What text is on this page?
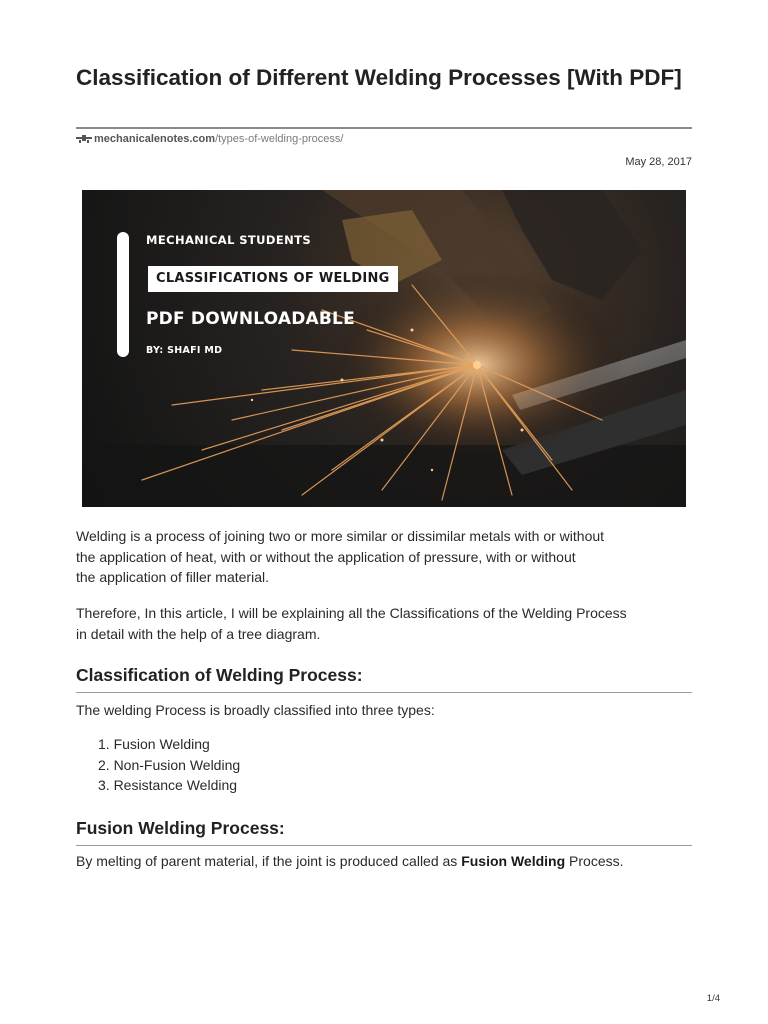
Classification of Different Welding Processes [With PDF]
mechanicalenotes.com/types-of-welding-process/
May 28, 2017
MECHANICAL STUDENTS
CLASSIFICATIONS OF WELDING
PDF DOWNLOADABLE
BY: SHAFI MD

Welding is a process of joining two or more similar or dissimilar metals with or without
the application of heat, with or without the application of pressure, with or without
the application of filler material.

Therefore, In this article, I will be explaining all the Classifications of the Welding Process
in detail with the help of a tree diagram.

Classification of Welding Process:

The welding Process is broadly classified into three types:

1. Fusion Welding
2. Non-Fusion Welding
3. Resistance Welding
Fusion Welding Process:

By melting of parent material, if the joint is produced called as Fusion Welding Process.

1/4
